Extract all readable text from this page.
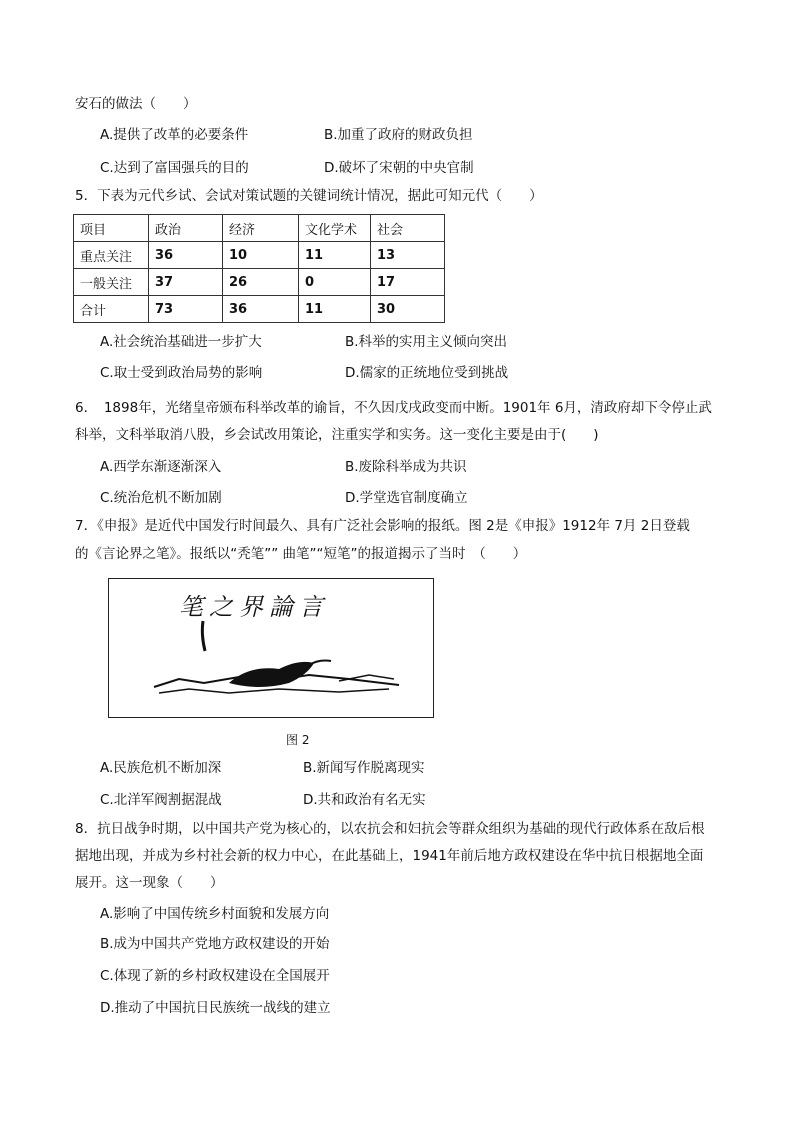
安石的做法（　　）
A.提供了改革的必要条件	B.加重了政府的财政负担
C.达到了富国强兵的目的	D.破坏了宋朝的中央官制
5．下表为元代乡试、会试对策试题的关键词统计情况，据此可知元代（　　）
项目	政治	经济	文化学术	社会
重点关注	36	10	11	13
一般关注	37	26	0	17
合计	73	36	11	30
A.社会统治基础进一步扩大	B.科举的实用主义倾向突出
C.取士受到政治局势的影响	D.儒家的正统地位受到挑战
6．　1898年，光绪皇帝颁布科举改革的谕旨，不久因戊戌政变而中断。1901年 6月，清政府却下令停止武
科举，文科举取消八股，乡会试改用策论，注重实学和实务。这一变化主要是由于(　　)
A.西学东渐逐渐深入	B.废除科举成为共识
C.统治危机不断加剧	D.学堂选官制度确立
7．《申报》是近代中国发行时间最久、具有广泛社会影响的报纸。图 2是《申报》1912年 7月 2日登载
的《言论界之笔》。报纸以“秃笔”” 曲笔”“短笔”的报道揭示了当时　（　　）
笔之界論言
图 2
A.民族危机不断加深	B.新闻写作脱离现实
C.北洋军阀割据混战	D.共和政治有名无实
8．抗日战争时期，以中国共产党为核心的，以农抗会和妇抗会等群众组织为基础的现代行政体系在敌后根
据地出现，并成为乡村社会新的权力中心，在此基础上，1941年前后地方政权建设在华中抗日根据地全面
展开。这一现象（　　）
A.影响了中国传统乡村面貌和发展方向
B.成为中国共产党地方政权建设的开始
C.体现了新的乡村政权建设在全国展开
D.推动了中国抗日民族统一战线的建立
